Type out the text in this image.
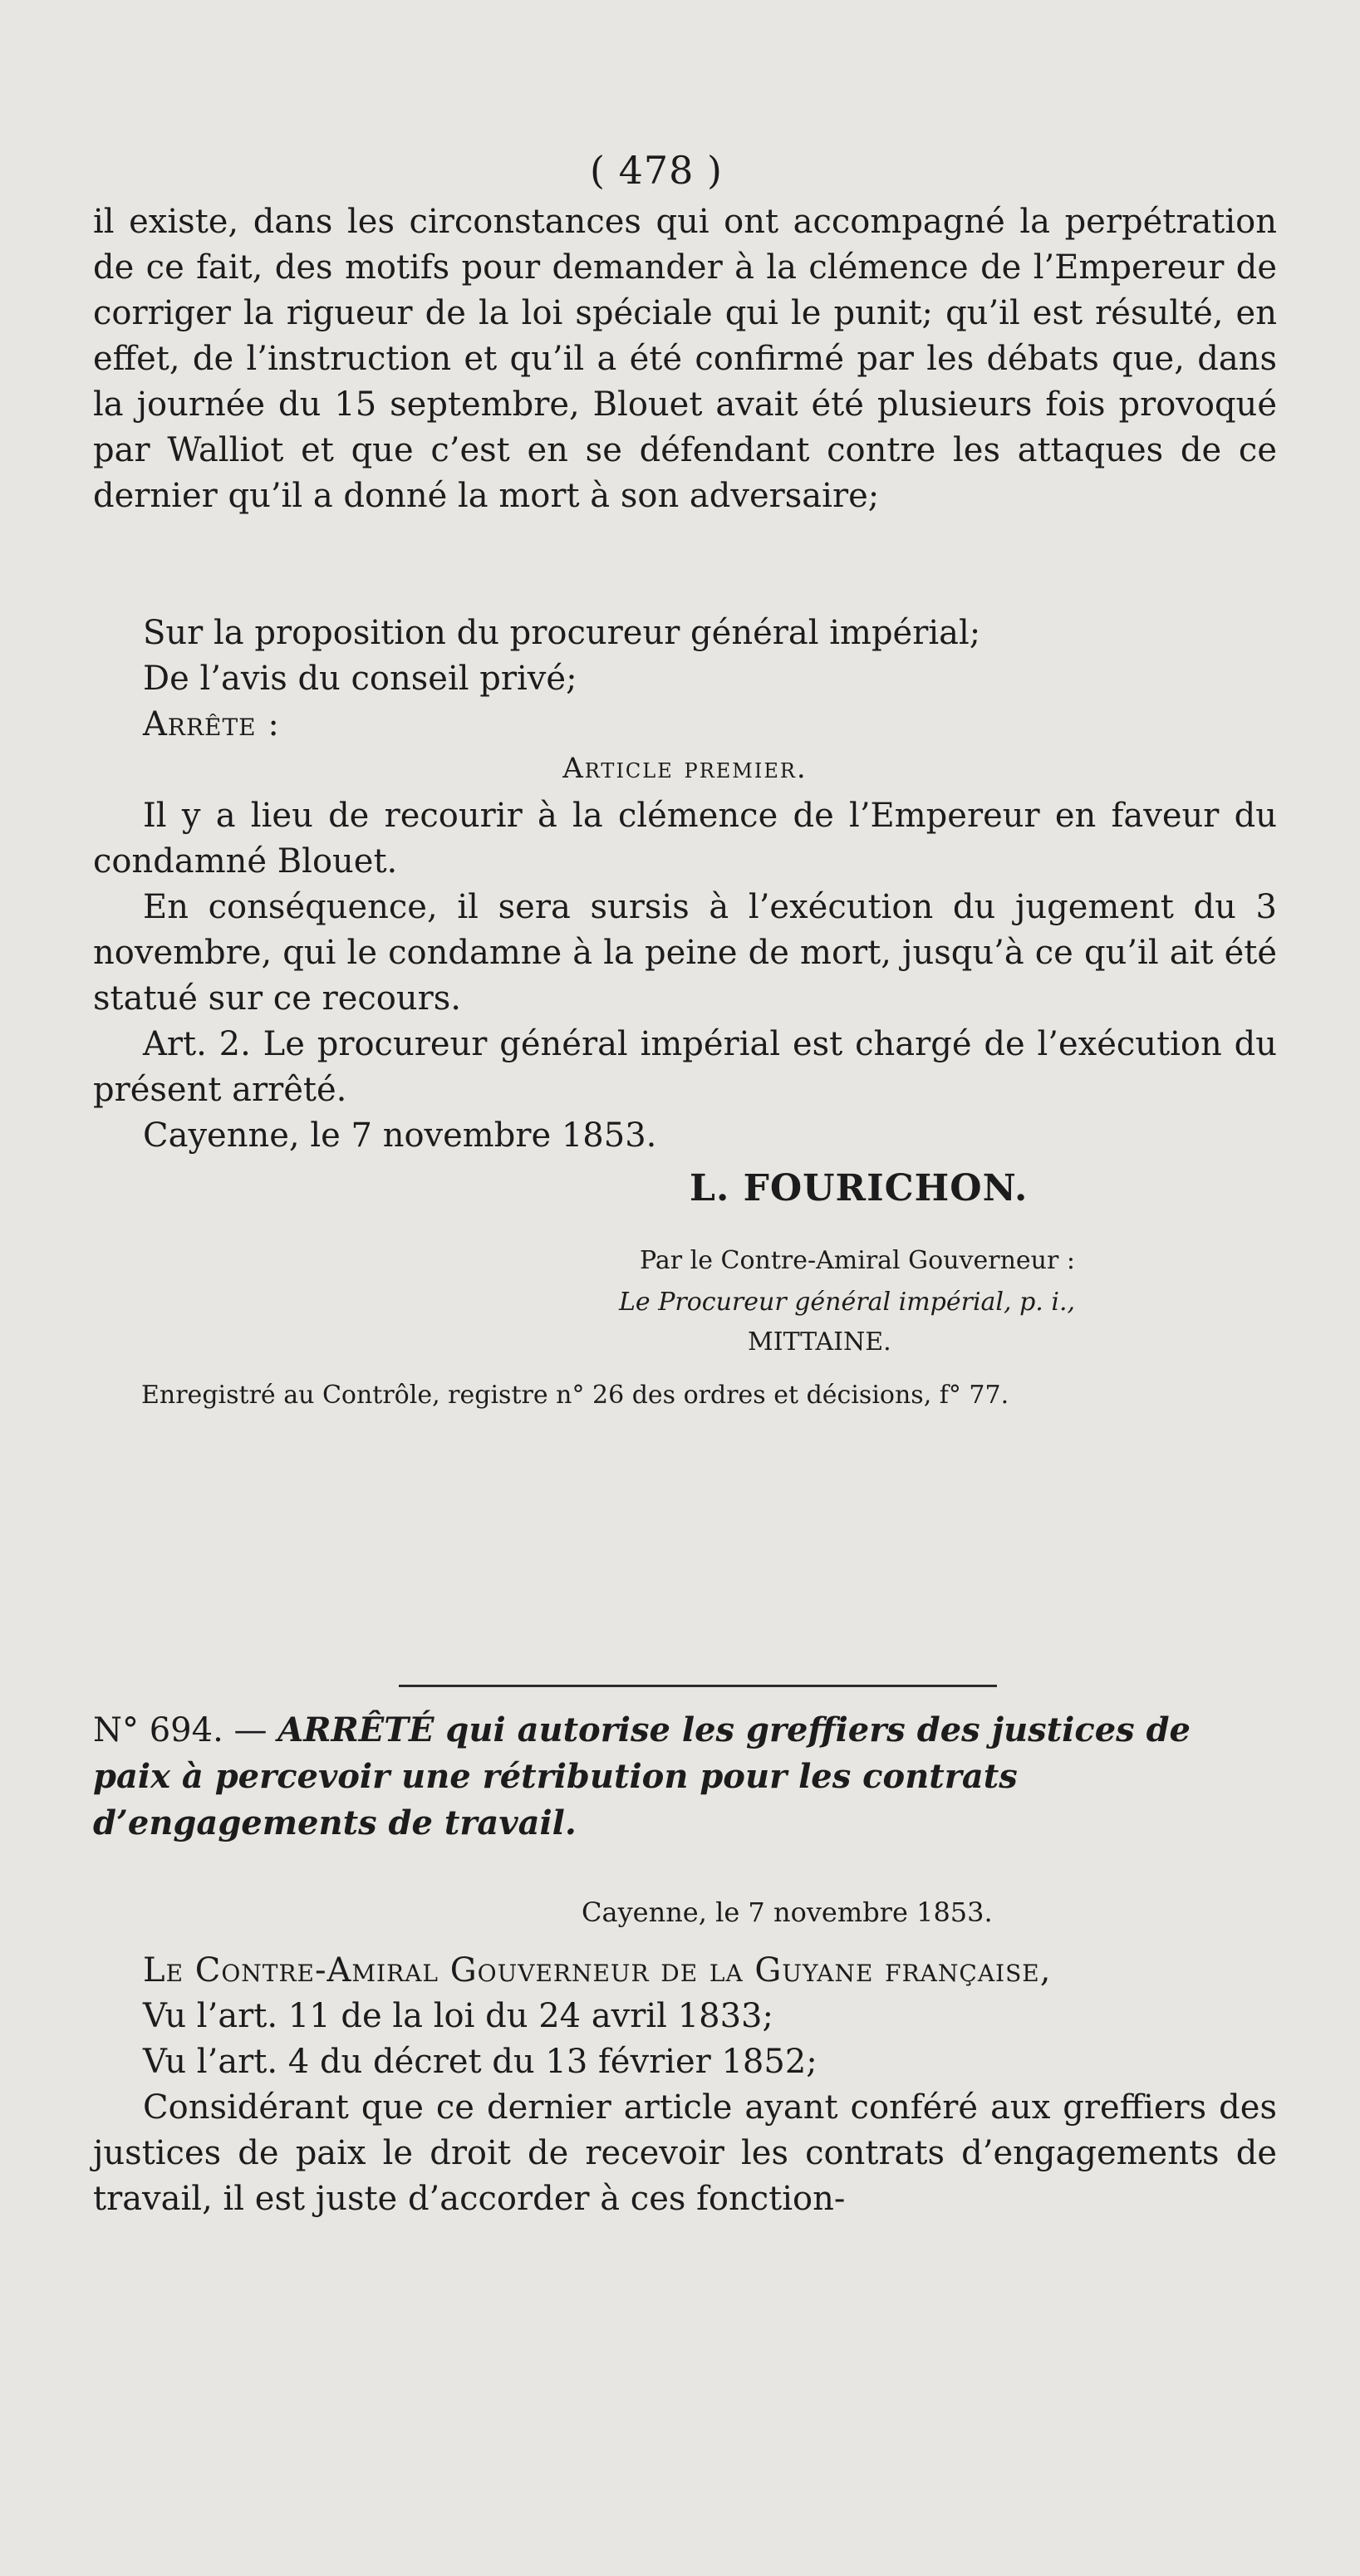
( 478 )

il existe, dans les circonstances qui ont accompagné la perpétration de ce fait, des motifs pour demander à la clémence de l’Empereur de corriger la rigueur de la loi spéciale qui le punit; qu’il est résulté, en effet, de l’instruction et qu’il a été confirmé par les débats que, dans la journée du 15 septembre, Blouet avait été plusieurs fois provoqué par Walliot et que c’est en se défendant contre les attaques de ce dernier qu’il a donné la mort à son adversaire;

Sur la proposition du procureur général impérial;

De l’avis du conseil privé;

Arrête :

Article premier.

Il y a lieu de recourir à la clémence de l’Empereur en faveur du condamné Blouet.

En conséquence, il sera sursis à l’exécution du jugement du 3 novembre, qui le condamne à la peine de mort, jusqu’à ce qu’il ait été statué sur ce recours.

Art. 2. Le procureur général impérial est chargé de l’exécution du présent arrêté.

Cayenne, le 7 novembre 1853.

L. FOURICHON.
Par le Contre-Amiral Gouverneur :
Le Procureur général impérial, p. i.,
MITTAINE.
Enregistré au Contrôle, registre n° 26 des ordres et décisions, f° 77.
N° 694. — ARRÊTÉ qui autorise les greffiers des justices de paix à percevoir une rétribution pour les contrats d’engagements de travail.
Cayenne, le 7 novembre 1853.

Le Contre-Amiral Gouverneur de la Guyane française,

Vu l’art. 11 de la loi du 24 avril 1833;

Vu l’art. 4 du décret du 13 février 1852;

Considérant que ce dernier article ayant conféré aux greffiers des justices de paix le droit de recevoir les contrats d’engagements de travail, il est juste d’accorder à ces fonction-
